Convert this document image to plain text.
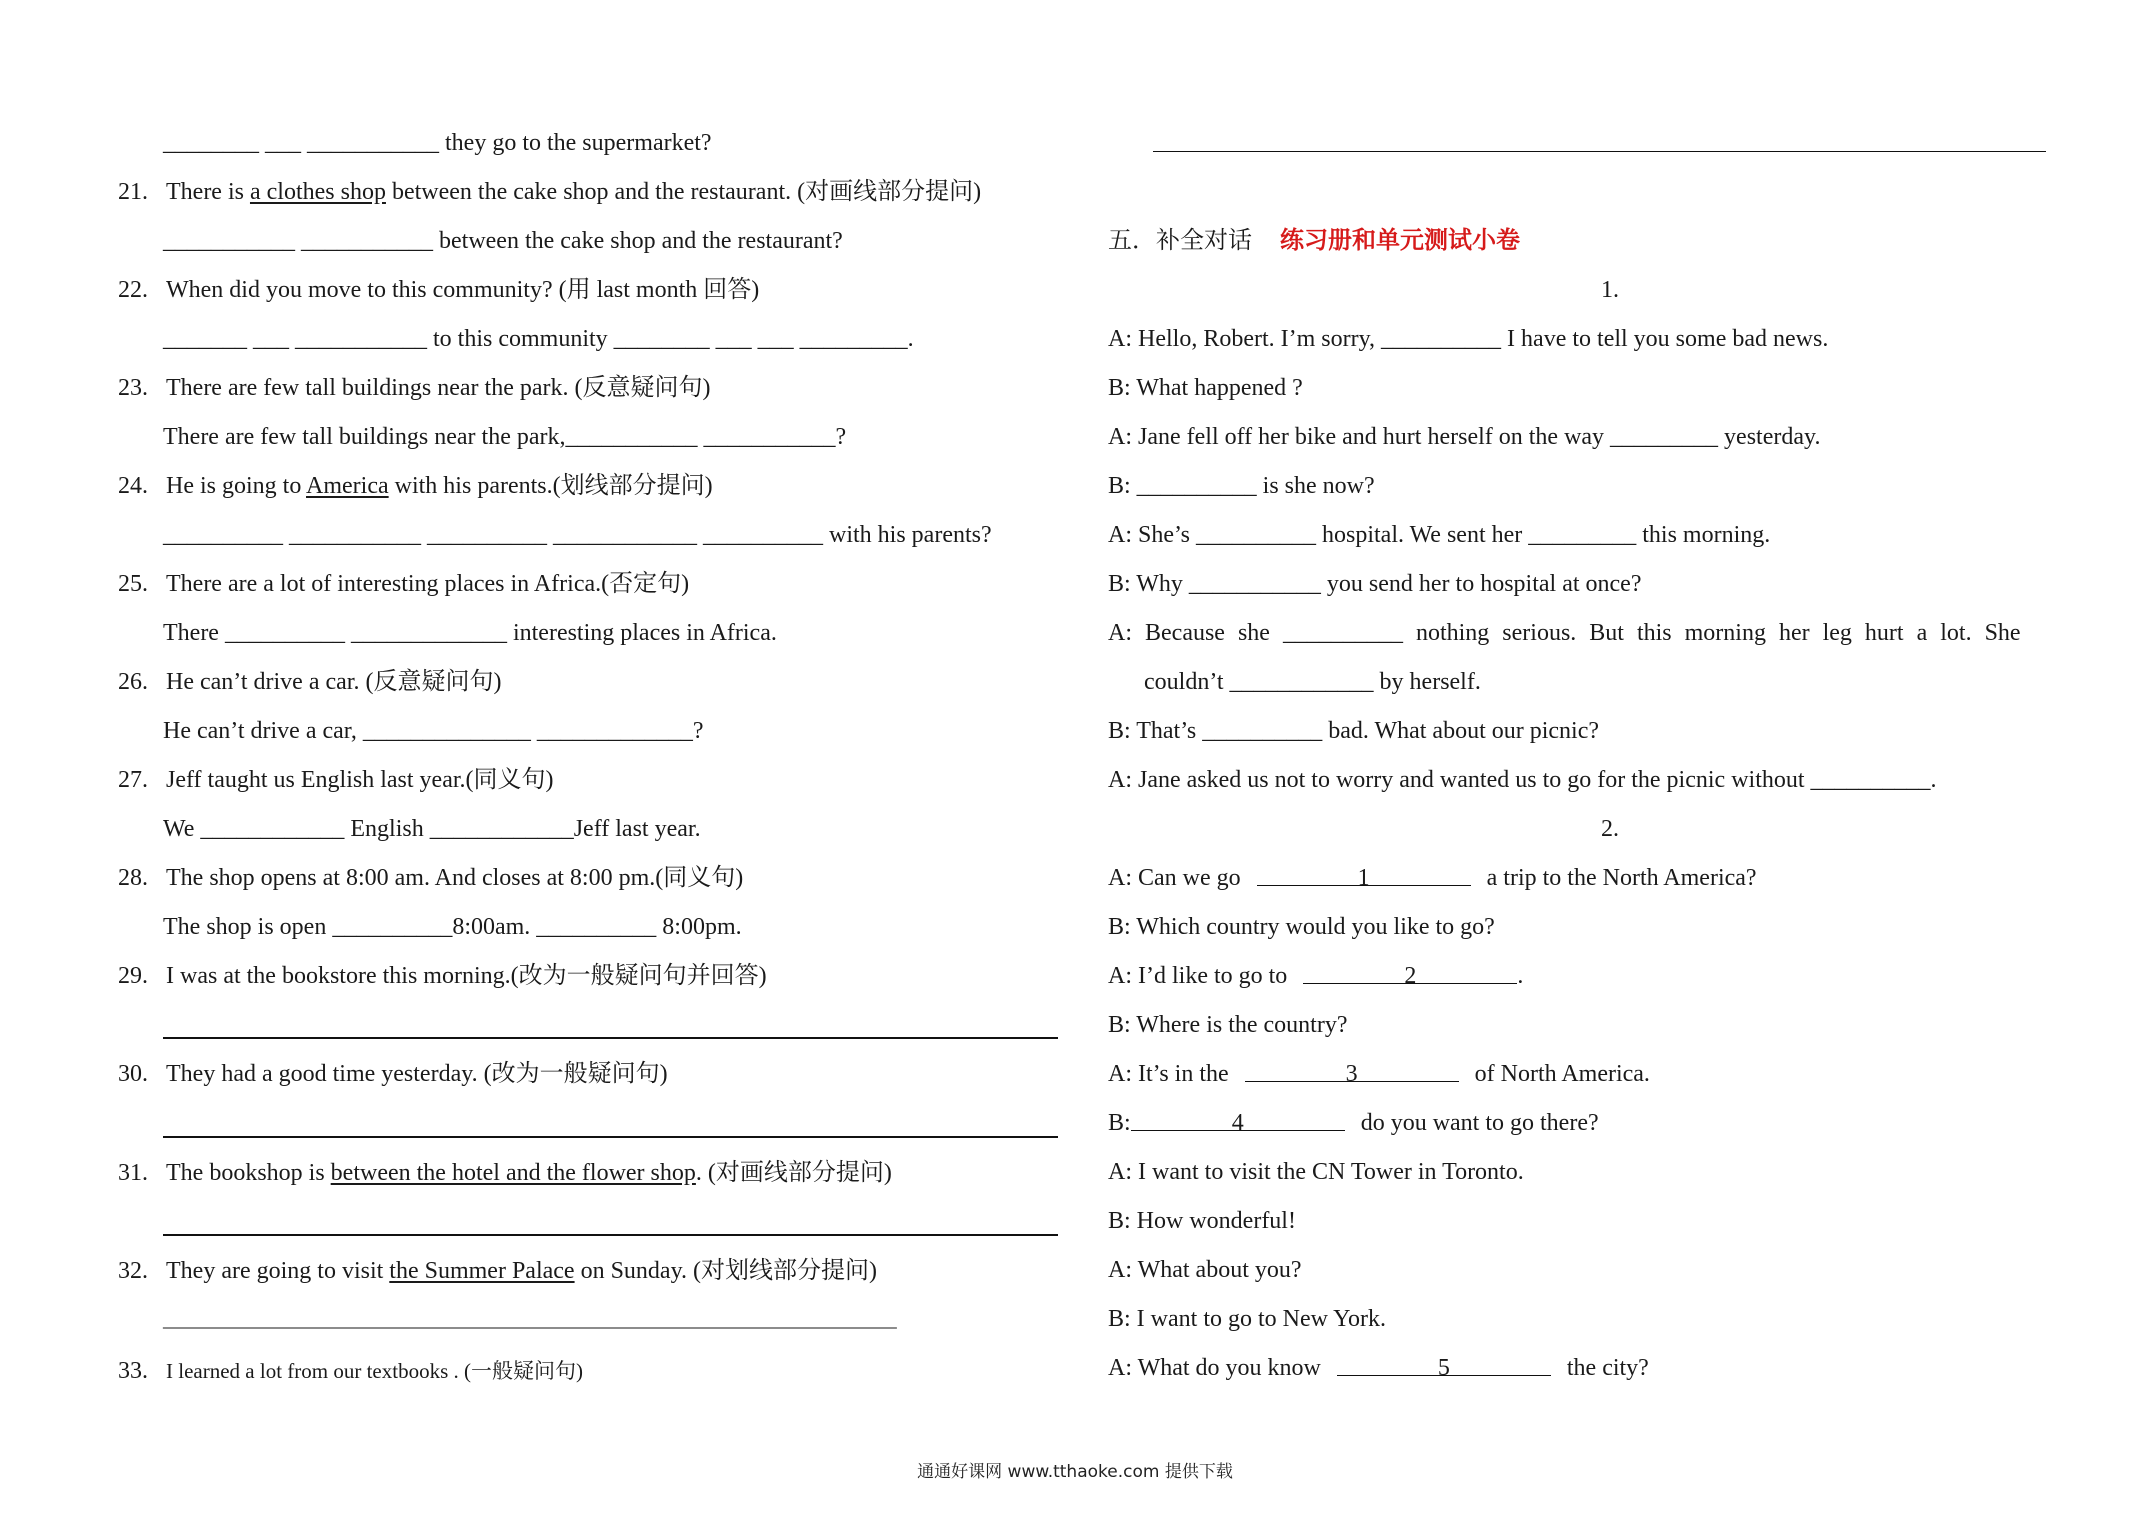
________ ___ ___________ they go to the supermarket?
21. There is a clothes shop between the cake shop and the restaurant. (对画线部分提问)
___________ ___________ between the cake shop and the restaurant?
22. When did you move to this community? (用 last month 回答)
_______ ___ ___________ to this community ________ ___ ___ _________.
23. There are few tall buildings near the park. (反意疑问句)
There are few tall buildings near the park,___________ ___________?
24. He is going to America with his parents.(划线部分提问)
__________ ___________ __________ ____________ __________ with his parents?
25. There are a lot of interesting places in Africa.(否定句)
There __________ _____________ interesting places in Africa.
26. He can’t drive a car. (反意疑问句)
He can’t drive a car, ______________ _____________?
27. Jeff taught us English last year.(同义句)
We ____________ English ____________Jeff last year.
28. The shop opens at 8:00 am. And closes at 8:00 pm.(同义句)
The shop is open __________8:00am. __________ 8:00pm.
29. I was at the bookstore this morning.(改为一般疑问句并回答)
30. They had a good time yesterday. (改为一般疑问句)
31. The bookshop is between the hotel and the flower shop. (对画线部分提问)
32. They are going to visit the Summer Palace on Sunday. (对划线部分提问)
______________________________________________________________________________
33. I learned a lot from our textbooks . (一般疑问句)
五．补全对话 练习册和单元测试小卷
1.
A: Hello, Robert. I’m sorry, __________ I have to tell you some bad news.
B: What happened ?
A: Jane fell off her bike and hurt herself on the way _________ yesterday.
B: __________ is she now?
A: She’s __________ hospital. We sent her _________ this morning.
B: Why ___________ you send her to hospital at once?
A: Because she __________ nothing serious. But this morning her leg hurt a lot. She
couldn’t ____________ by herself.
B: That’s __________ bad. What about our picnic?
A: Jane asked us not to worry and wanted us to go for the picnic without __________.
2.
A: Can we go	1	a trip to the North America?
B: Which country would you like to go?
A: I’d like to go to	2	.
B: Where is the country?
A: It’s in the	3	of North America.
B:	4	do you want to go there?
A: I want to visit the CN Tower in Toronto.
B: How wonderful!
A: What about you?
B: I want to go to New York.
A: What do you know	5	the city?
通通好课网 www.tthaoke.com 提供下载
